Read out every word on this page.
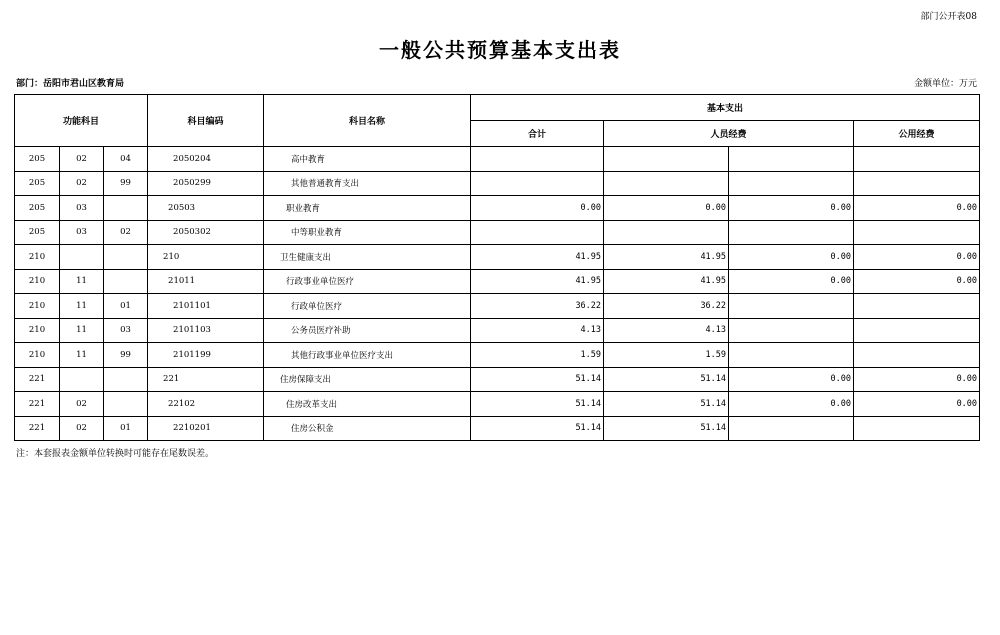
部门公开表08
一般公共预算基本支出表
部门：岳阳市君山区教育局	金额单位：万元
功能科目			科目编码	科目名称	基本支出			
					合计	人员经费		公用经费
205	02	04	2050204	高中教育				
205	02	99	2050299	其他普通教育支出				
205	03		20503	职业教育	0.00	0.00	0.00	0.00
205	03	02	2050302	中等职业教育				
210			210	卫生健康支出	41.95	41.95	0.00	0.00
210	11		21011	行政事业单位医疗	41.95	41.95	0.00	0.00
210	11	01	2101101	行政单位医疗	36.22	36.22		
210	11	03	2101103	公务员医疗补助	4.13	4.13		
210	11	99	2101199	其他行政事业单位医疗支出	1.59	1.59		
221			221	住房保障支出	51.14	51.14	0.00	0.00
221	02		22102	住房改革支出	51.14	51.14	0.00	0.00
221	02	01	2210201	住房公积金	51.14	51.14		
注：本套报表金额单位转换时可能存在尾数误差。
